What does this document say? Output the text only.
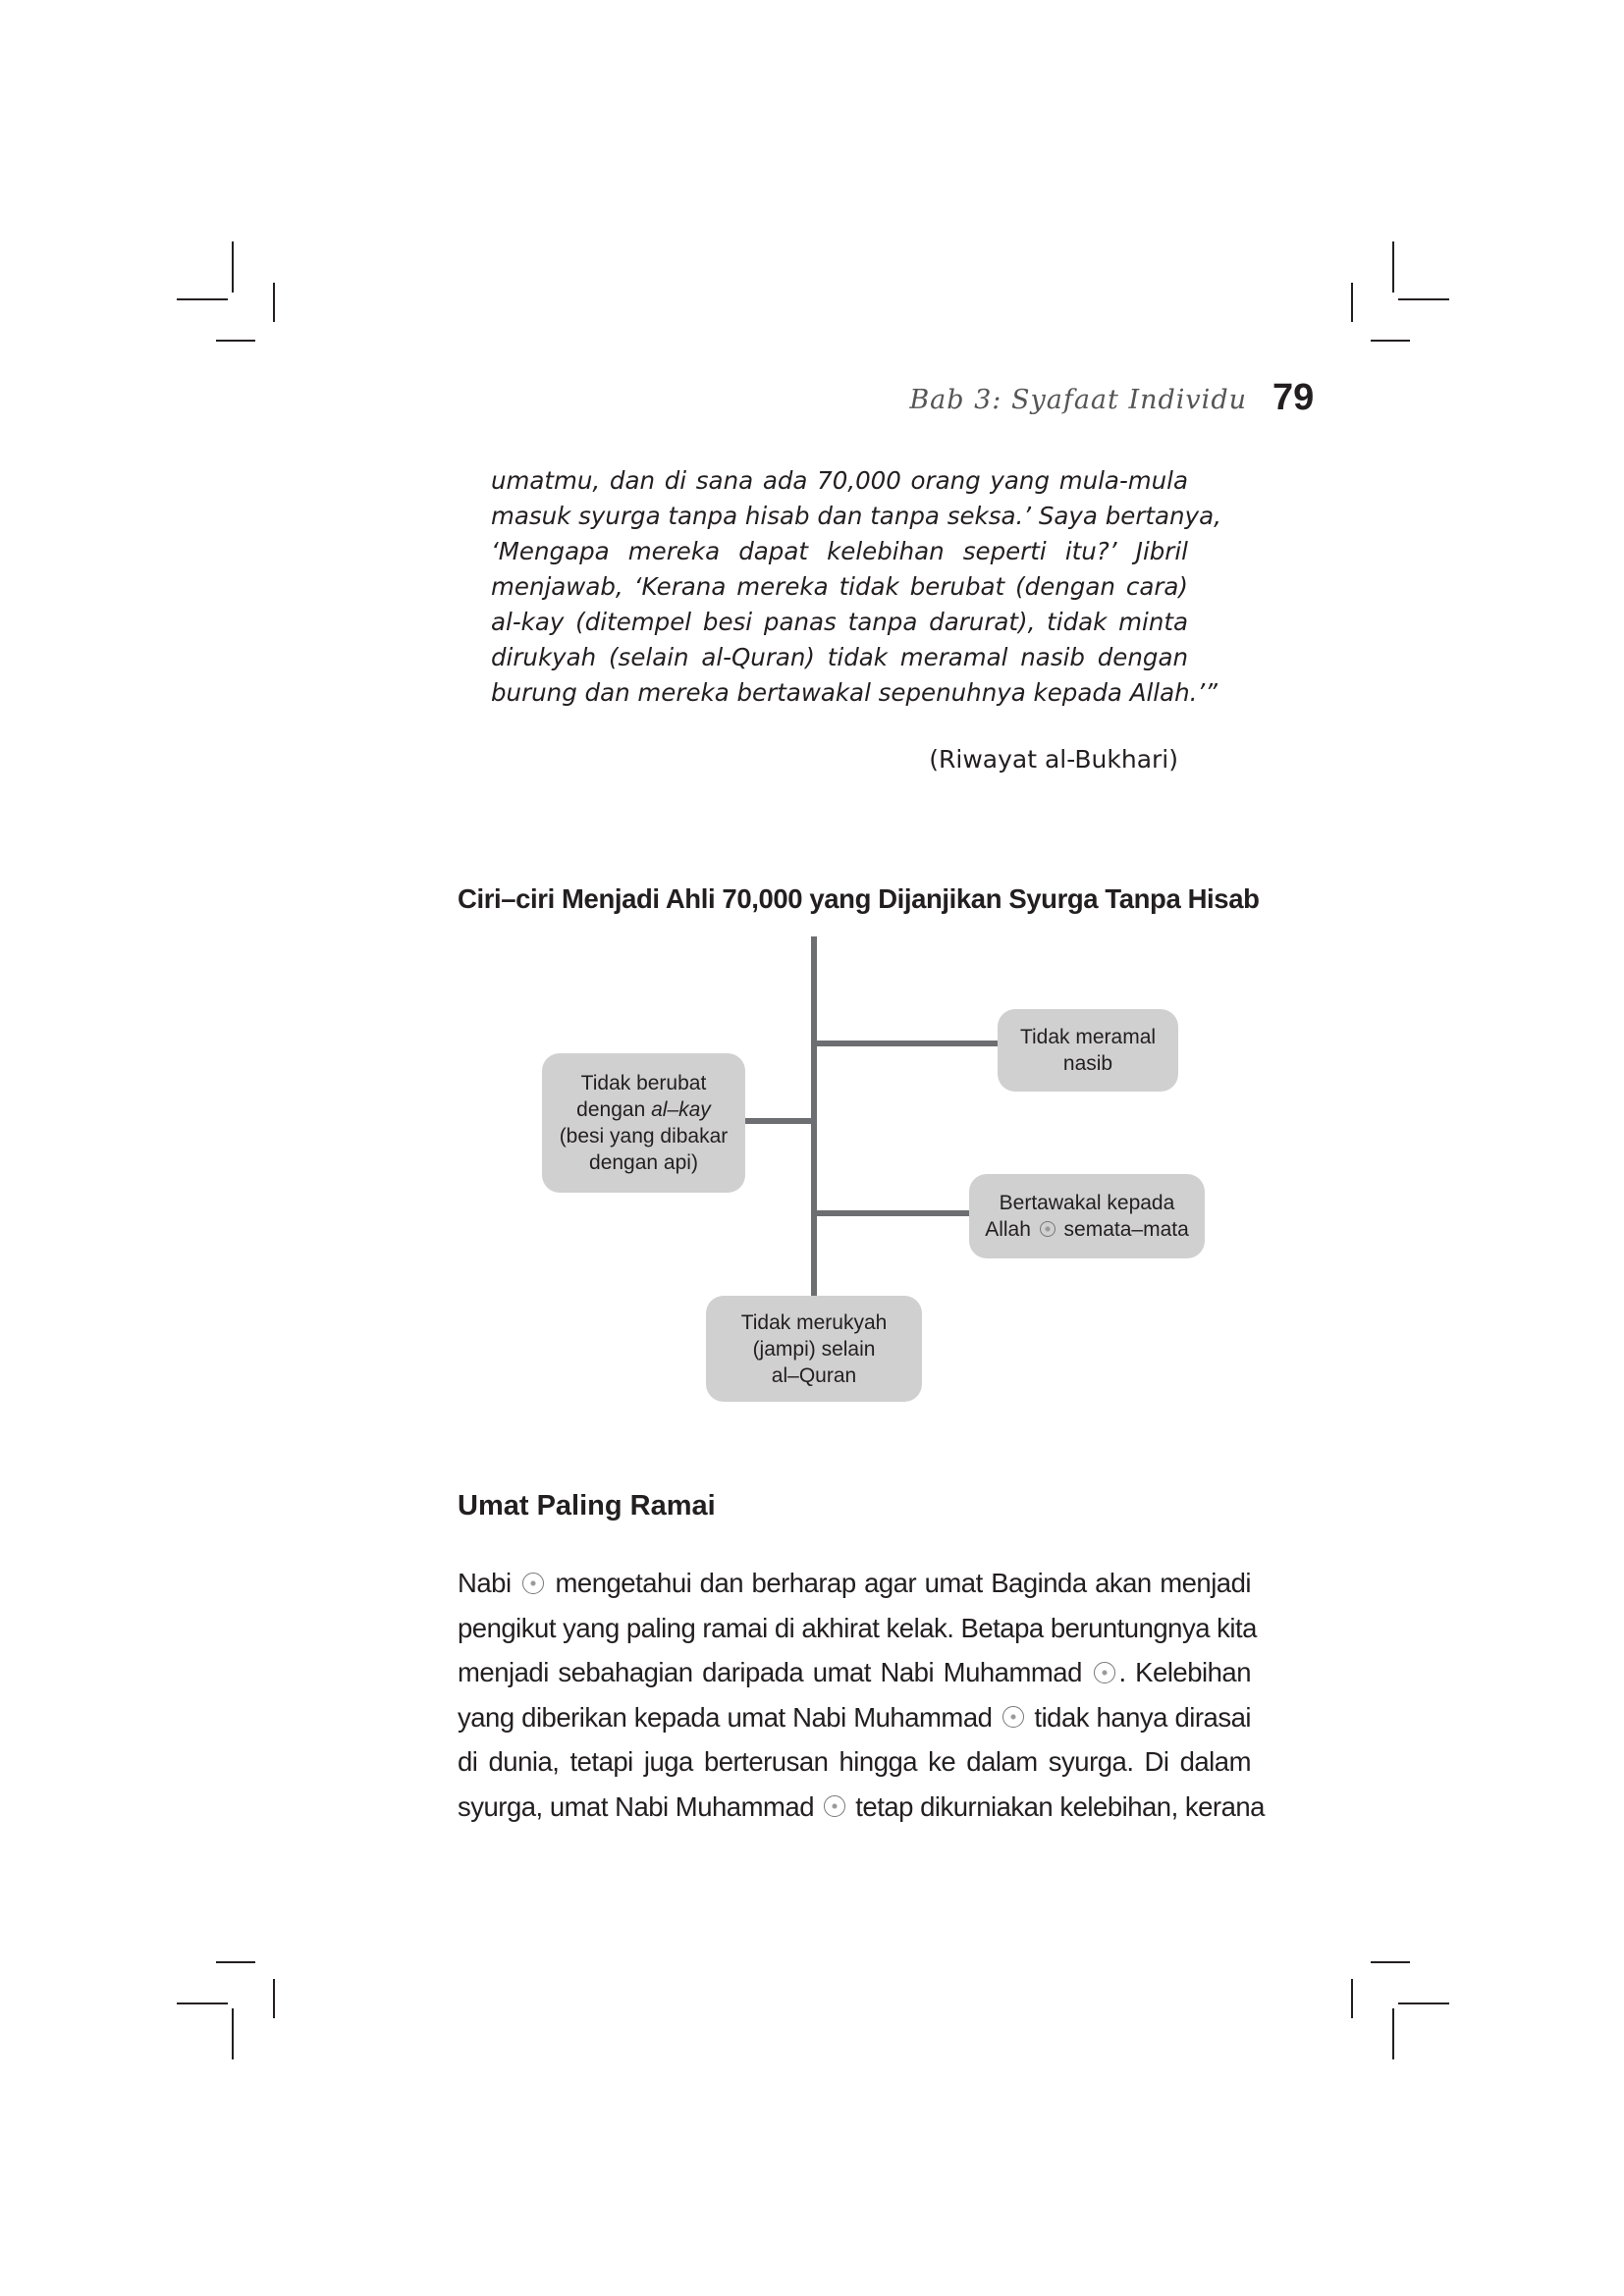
Bab 3: Syafaat Individu 79
umatmu, dan di sana ada 70,000 orang yang mula-mula
masuk syurga tanpa hisab dan tanpa seksa.’ Saya bertanya,
‘Mengapa mereka dapat kelebihan seperti itu?’ Jibril
menjawab, ‘Kerana mereka tidak berubat (dengan cara)
al-kay (ditempel besi panas tanpa darurat), tidak minta
dirukyah (selain al-Quran) tidak meramal nasib dengan
burung dan mereka bertawakal sepenuhnya kepada Allah.’”
(Riwayat al-Bukhari)
Ciri–ciri Menjadi Ahli 70,000 yang Dijanjikan Syurga Tanpa Hisab
Tidak meramal
nasib
Tidak berubat
dengan al–kay
(besi yang dibakar
dengan api)
Bertawakal kepada
Allah  semata–mata
Tidak merukyah
(jampi) selain
al–Quran
Umat Paling Ramai
Nabi  mengetahui dan berharap agar umat Baginda akan menjadi
pengikut yang paling ramai di akhirat kelak. Betapa beruntungnya kita
menjadi sebahagian daripada umat Nabi Muhammad . Kelebihan
yang diberikan kepada umat Nabi Muhammad  tidak hanya dirasai
di dunia, tetapi juga berterusan hingga ke dalam syurga. Di dalam
syurga, umat Nabi Muhammad  tetap dikurniakan kelebihan, kerana
